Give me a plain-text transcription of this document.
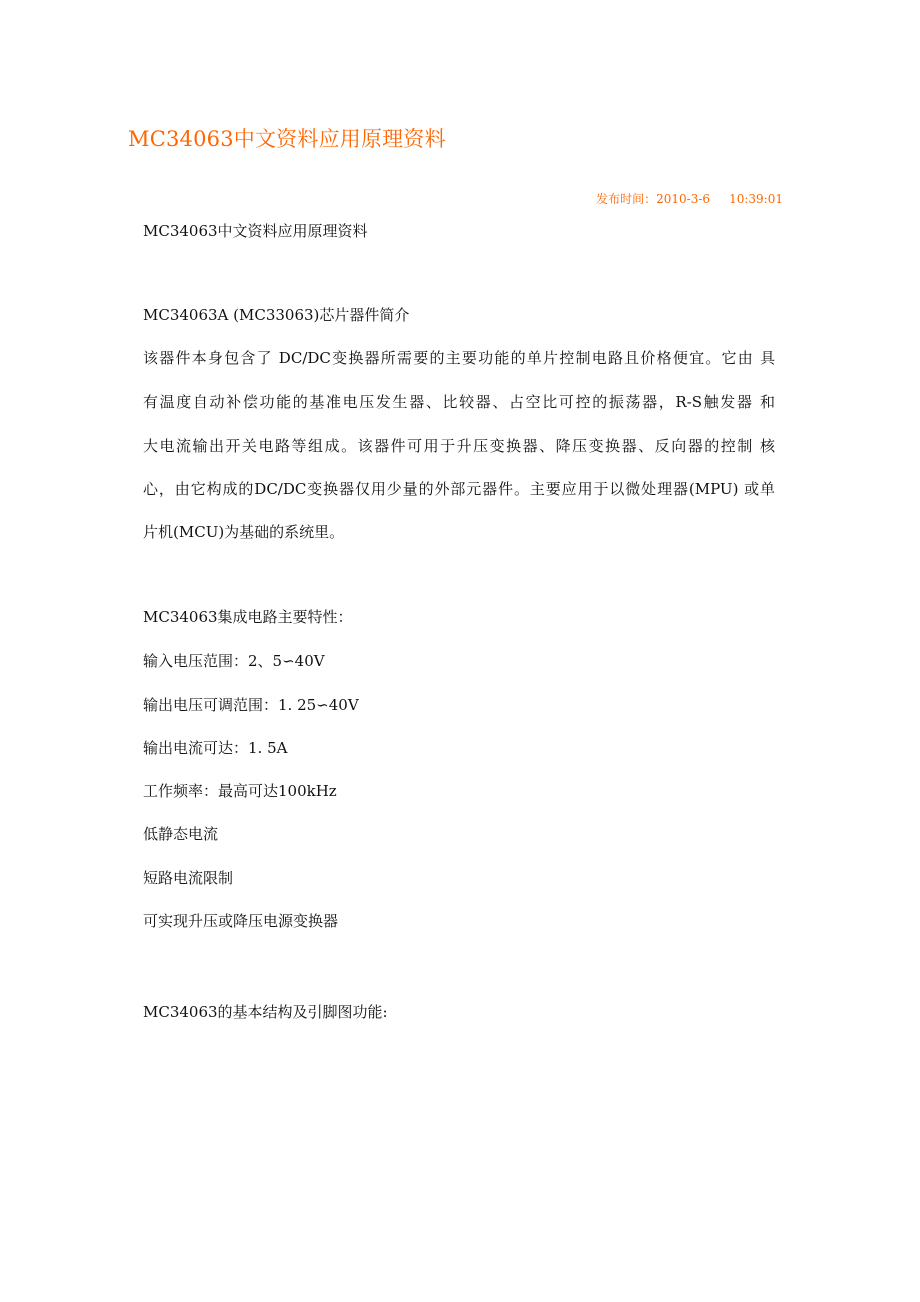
MC34063中文资料应用原理资料
发布时间：2010-3-6     10:39:01

MC34063中文资料应用原理资料

MC34063A (MC33063)芯片器件简介

该器件本身包含了 DC/DC变换器所需要的主要功能的单片控制电路且价格便宜。它由 具

有温度自动补偿功能的基准电压发生器、比较器、占空比可控的振荡器，R-S触发器 和

大电流输出开关电路等组成。该器件可用于升压变换器、降压变换器、反向器的控制 核

心，由它构成的DC/DC变换器仅用少量的外部元器件。主要应用于以微处理器(MPU) 或单

片机(MCU)为基础的系统里。

MC34063集成电路主要特性：

输入电压范围：2、5∽40V

输出电压可调范围：1. 25∽40V

输出电流可达：1. 5A

工作频率：最高可达100kHz

低静态电流

短路电流限制

可实现升压或降压电源变换器

MC34063的基本结构及引脚图功能:
